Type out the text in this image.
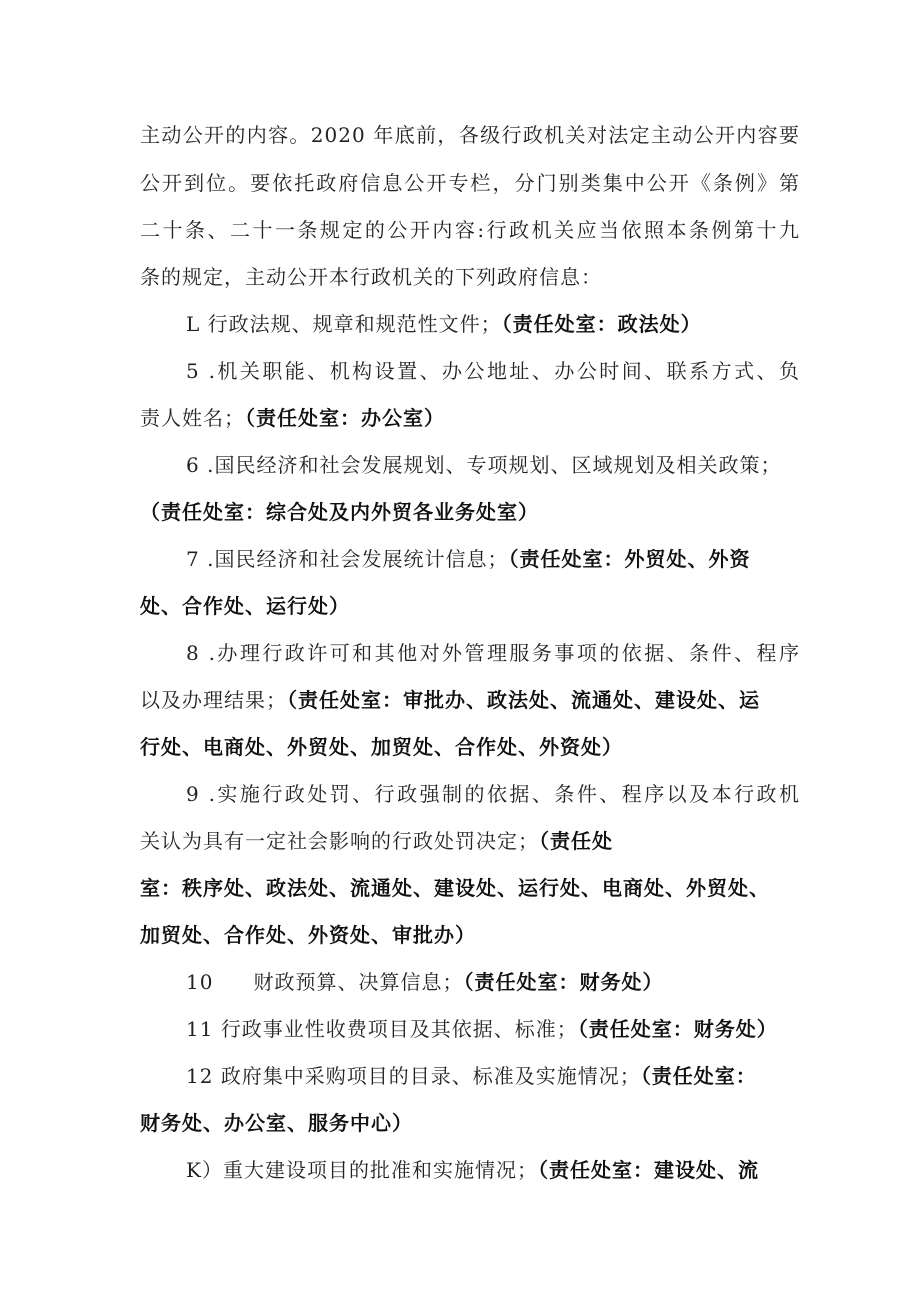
主动公开的内容。2020 年底前，各级行政机关对法定主动公开内容要
公开到位。要依托政府信息公开专栏，分门别类集中公开《条例》第
二十条、二十一条规定的公开内容:行政机关应当依照本条例第十九
条的规定，主动公开本行政机关的下列政府信息：
L 行政法规、规章和规范性文件；（责任处室：政法处）
5 .机关职能、机构设置、办公地址、办公时间、联系方式、负
责人姓名；（责任处室：办公室）
6 .国民经济和社会发展规划、专项规划、区域规划及相关政策；
（责任处室：综合处及内外贸各业务处室）
7 .国民经济和社会发展统计信息；（责任处室：外贸处、外资
处、合作处、运行处）
8 .办理行政许可和其他对外管理服务事项的依据、条件、程序
以及办理结果；（责任处室：审批办、政法处、流通处、建设处、运
行处、电商处、外贸处、加贸处、合作处、外资处）
9 .实施行政处罚、行政强制的依据、条件、程序以及本行政机
关认为具有一定社会影响的行政处罚决定；（责任处
室：秩序处、政法处、流通处、建设处、运行处、电商处、外贸处、
加贸处、合作处、外资处、审批办）
10 财政预算、决算信息；（责任处室：财务处）
11 行政事业性收费项目及其依据、标准；（责任处室：财务处）
12 政府集中采购项目的目录、标准及实施情况；（责任处室：
财务处、办公室、服务中心）
K）重大建设项目的批准和实施情况；（责任处室：建设处、流
